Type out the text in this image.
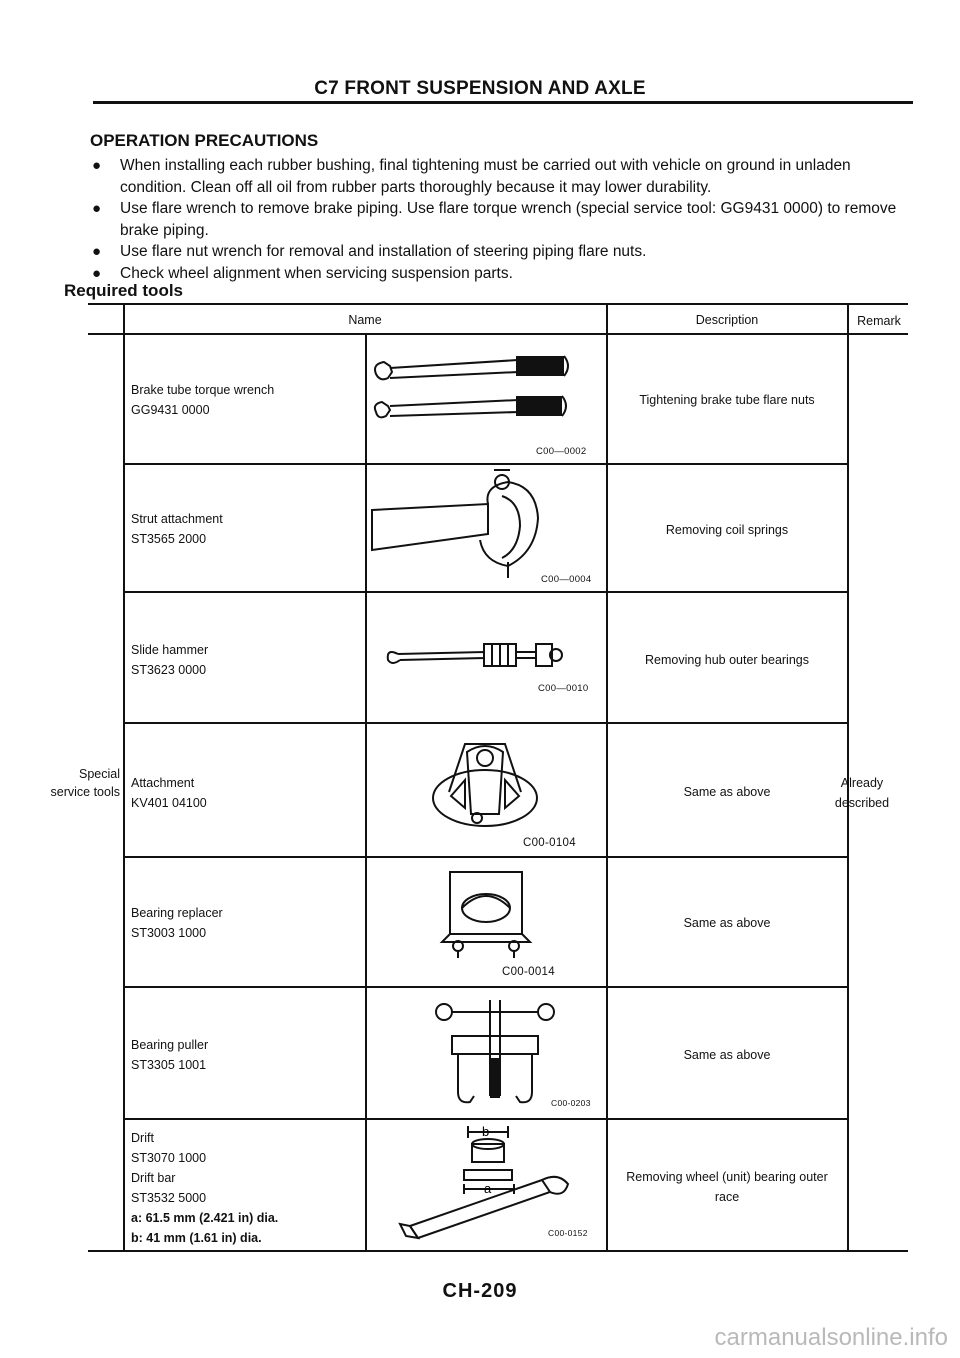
C7 FRONT SUSPENSION AND AXLE
OPERATION PRECAUTIONS
● When installing each rubber bushing, final tightening must be carried out with vehicle on ground in unladen condition. Clean off all oil from rubber parts thoroughly because it may lower durability.
● Use flare wrench to remove brake piping. Use flare torque wrench (special service tool: GG9431 0000) to remove brake piping.
● Use flare nut wrench for removal and installation of steering piping flare nuts.
● Check wheel alignment when servicing suspension parts.
Required tools
Name	Description	Remark
Special service tools
Already described
Brake tube torque wrench
GG9431 0000
C00—0002
Tightening brake tube flare nuts
Strut attachment
ST3565 2000
C00—0004
Removing coil springs
Slide hammer
ST3623 0000
C00—0010
Removing hub outer bearings
Attachment
KV401 04100
C00-0104
Same as above
Bearing replacer
ST3003 1000
C00-0014
Same as above
Bearing puller
ST3305 1001
C00-0203
Same as above
Drift
ST3070 1000
Drift bar
ST3532 5000
a: 61.5 mm (2.421 in) dia.
b: 41 mm (1.61 in) dia.
b
a
C00-0152
Removing wheel (unit) bearing outer race
CH-209
carmanualsonline.info
